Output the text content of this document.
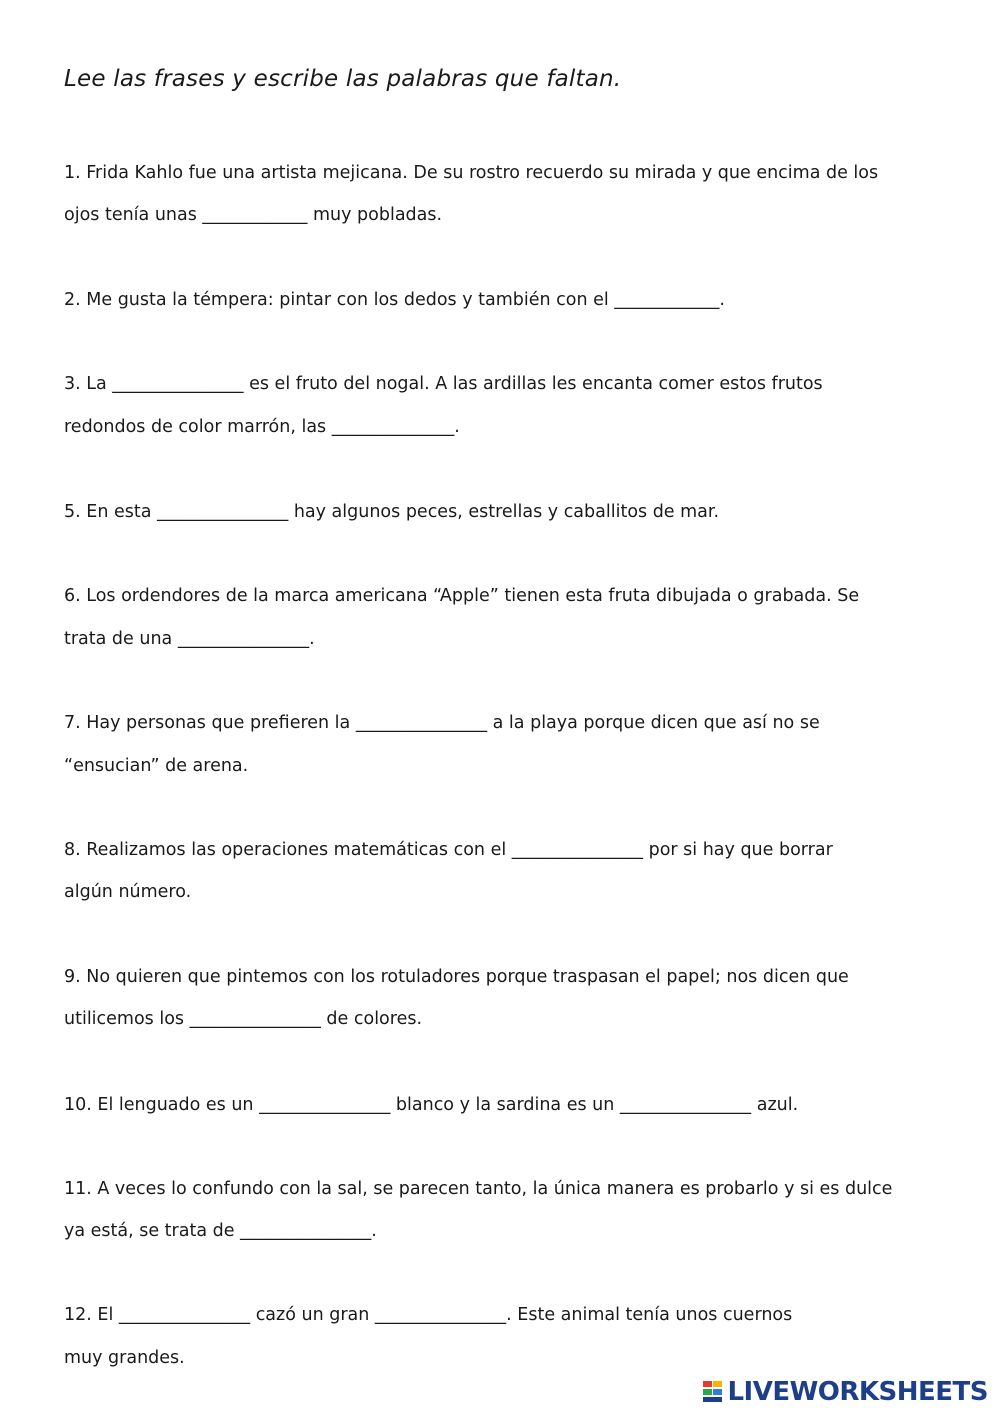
Lee las frases y escribe las palabras que faltan.
1. Frida Kahlo fue una artista mejicana. De su rostro recuerdo su mirada y que encima de los
ojos tenía unas ____________ muy pobladas.
2. Me gusta la témpera: pintar con los dedos y también con el ____________.
3. La _______________ es el fruto del nogal. A las ardillas les encanta comer estos frutos
redondos de color marrón, las ______________.
5. En esta _______________ hay algunos peces, estrellas y caballitos de mar.
6. Los ordendores de la marca americana “Apple” tienen esta fruta dibujada o grabada. Se
trata de una _______________.
7. Hay personas que prefieren la _______________ a la playa porque dicen que así no se
“ensucian” de arena.
8. Realizamos las operaciones matemáticas con el _______________ por si hay que borrar
algún número.
9. No quieren que pintemos con los rotuladores porque traspasan el papel; nos dicen que
utilicemos los _______________ de colores.
10. El lenguado es un _______________ blanco y la sardina es un _______________ azul.
11. A veces lo confundo con la sal, se parecen tanto, la única manera es probarlo y si es dulce
ya está, se trata de _______________.
12. El _______________ cazó un gran _______________. Este animal tenía unos cuernos
muy grandes.
LIVEWORKSHEETS
